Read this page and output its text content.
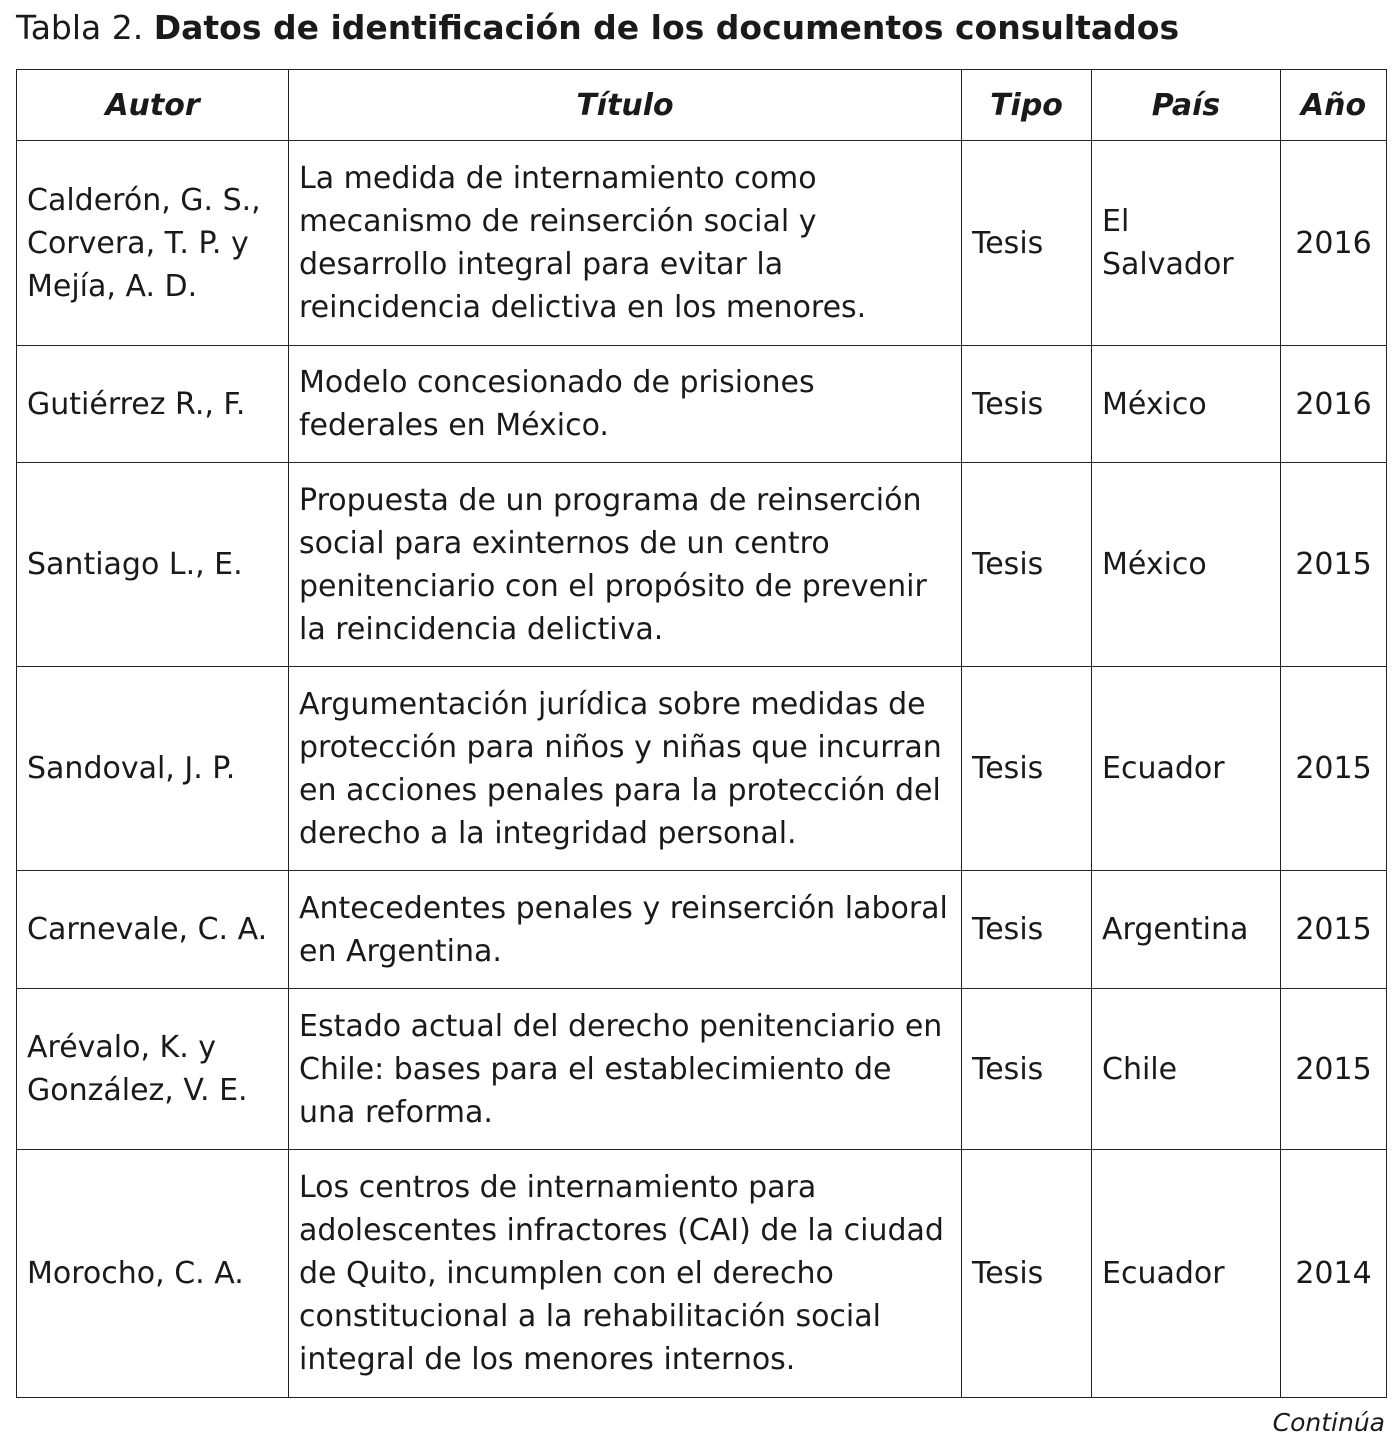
Tabla 2. Datos de identificación de los documentos consultados
Autor	Título	Tipo	País	Año
Calderón, G. S., Corvera, T. P. y Mejía, A. D.	La medida de internamiento como mecanismo de reinserción social y desarrollo integral para evitar la reincidencia delictiva en los menores.	Tesis	El Salvador	2016
Gutiérrez R., F.	Modelo concesionado de prisiones federales en México.	Tesis	México	2016
Santiago L., E.	Propuesta de un programa de reinserción social para exinternos de un centro penitenciario con el propósito de prevenir la reincidencia delictiva.	Tesis	México	2015
Sandoval, J. P.	Argumentación jurídica sobre medidas de protección para niños y niñas que incurran en acciones penales para la protección del derecho a la integridad personal.	Tesis	Ecuador	2015
Carnevale, C. A.	Antecedentes penales y reinserción laboral en Argentina.	Tesis	Argentina	2015
Arévalo, K. y González, V. E.	Estado actual del derecho penitenciario en Chile: bases para el establecimiento de una reforma.	Tesis	Chile	2015
Morocho, C. A.	Los centros de internamiento para adolescentes infractores (CAI) de la ciudad de Quito, incumplen con el derecho constitucional a la rehabilitación social integral de los menores internos.	Tesis	Ecuador	2014
Continúa
